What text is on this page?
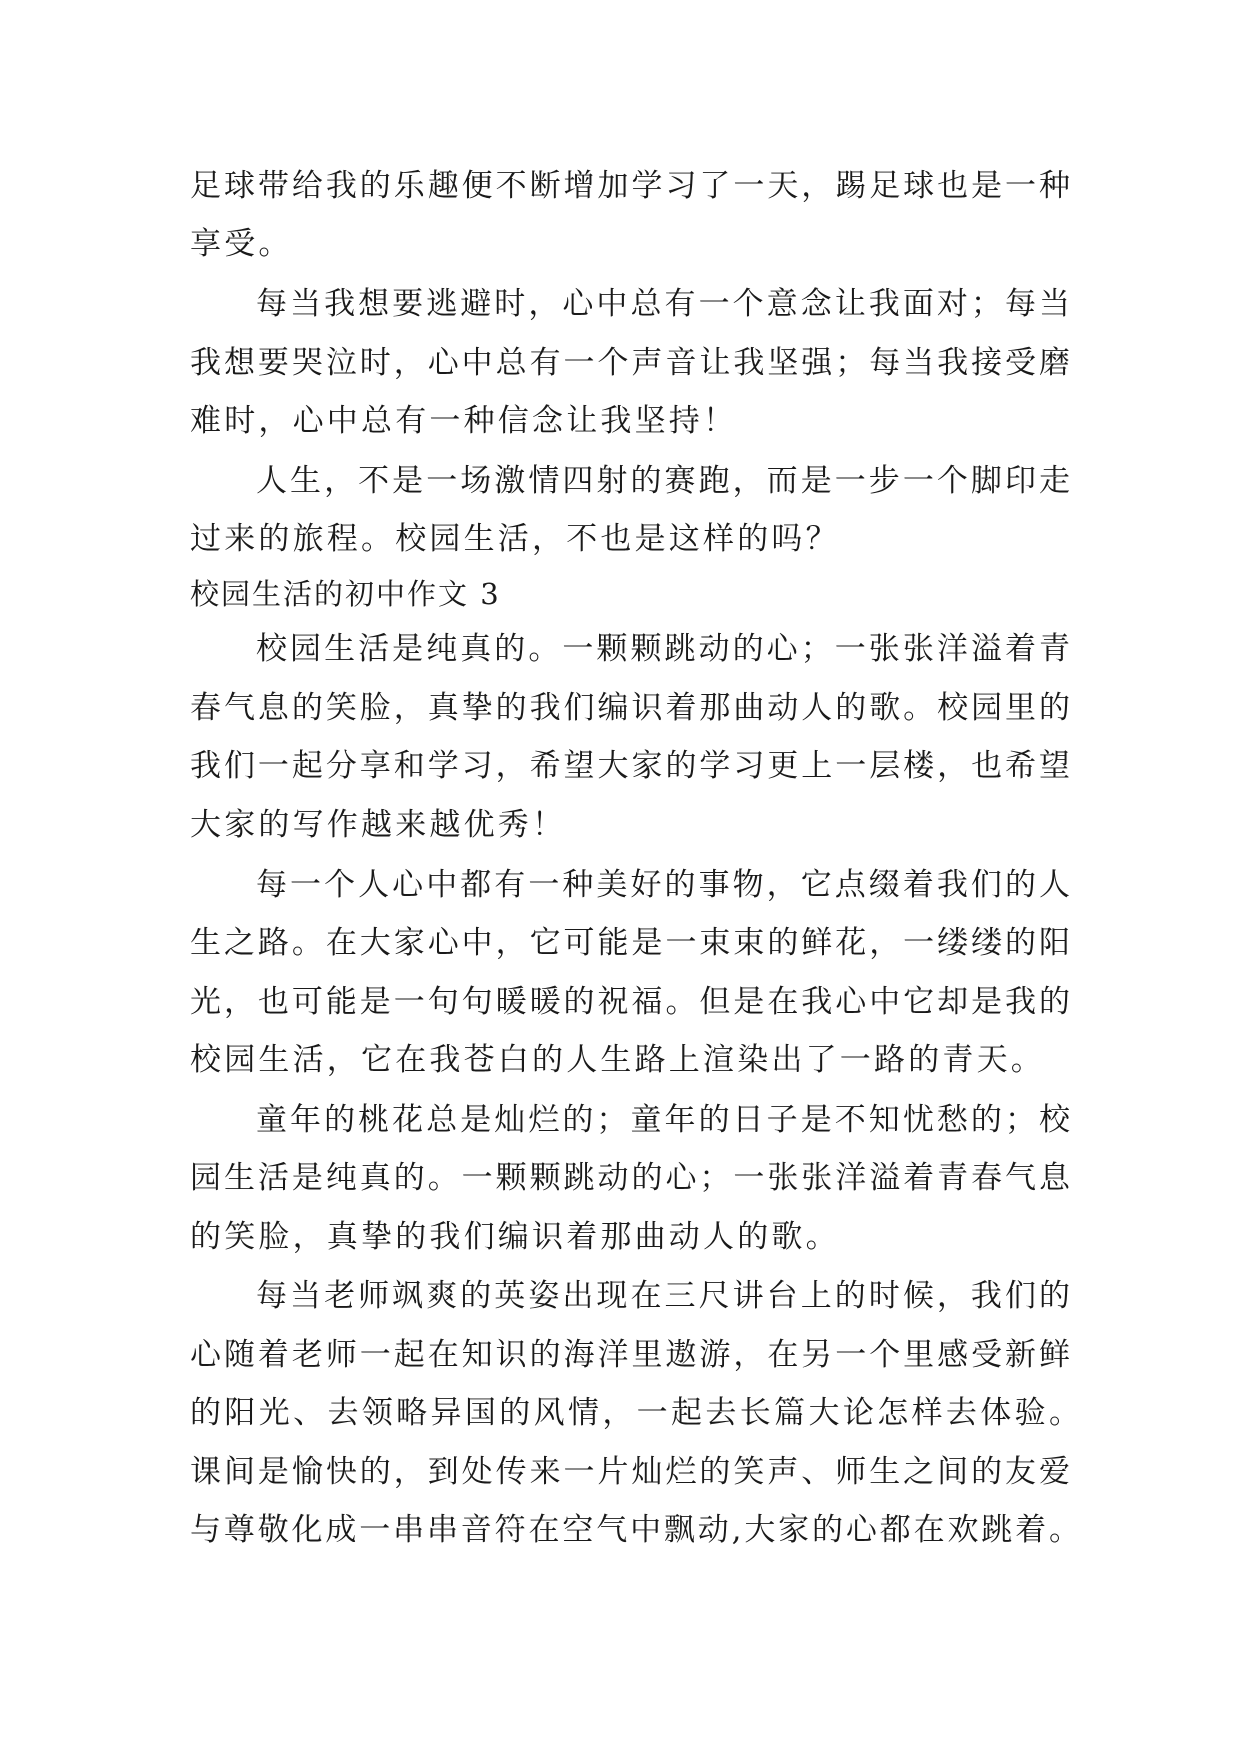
足球带给我的乐趣便不断增加学习了一天，踢足球也是一种

享受。

每当我想要逃避时，心中总有一个意念让我面对；每当

我想要哭泣时，心中总有一个声音让我坚强；每当我接受磨

难时，心中总有一种信念让我坚持！

人生，不是一场激情四射的赛跑，而是一步一个脚印走

过来的旅程。校园生活，不也是这样的吗？

校园生活的初中作文 3

校园生活是纯真的。一颗颗跳动的心；一张张洋溢着青

春气息的笑脸，真挚的我们编识着那曲动人的歌。校园里的

我们一起分享和学习，希望大家的学习更上一层楼，也希望

大家的写作越来越优秀！

每一个人心中都有一种美好的事物，它点缀着我们的人

生之路。在大家心中，它可能是一束束的鲜花，一缕缕的阳

光，也可能是一句句暖暖的祝福。但是在我心中它却是我的

校园生活，它在我苍白的人生路上渲染出了一路的青天。

童年的桃花总是灿烂的；童年的日子是不知忧愁的；校

园生活是纯真的。一颗颗跳动的心；一张张洋溢着青春气息

的笑脸，真挚的我们编识着那曲动人的歌。

每当老师飒爽的英姿出现在三尺讲台上的时候，我们的

心随着老师一起在知识的海洋里遨游，在另一个里感受新鲜

的阳光、去领略异国的风情，一起去长篇大论怎样去体验。

课间是愉快的，到处传来一片灿烂的笑声、师生之间的友爱

与尊敬化成一串串音符在空气中飘动,大家的心都在欢跳着。
